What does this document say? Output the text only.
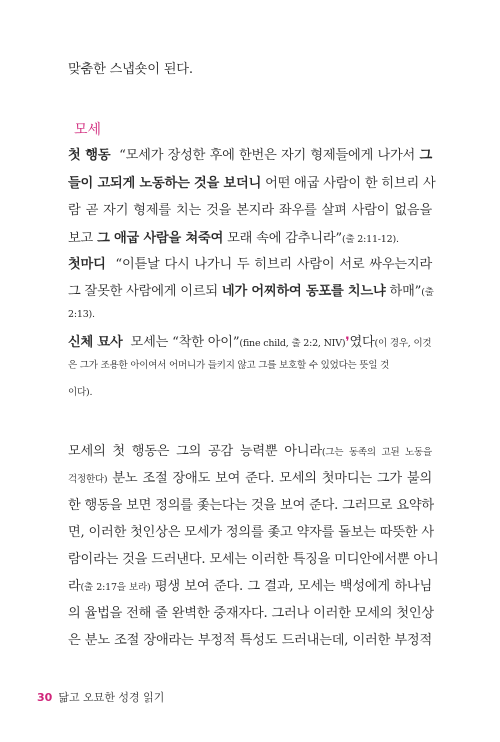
맞춤한 스냅숏이 된다.
모세
첫 행동 “모세가 장성한 후에 한번은 자기 형제들에게 나가서 그
들이 고되게 노동하는 것을 보더니 어떤 애굽 사람이 한 히브리 사
람 곧 자기 형제를 치는 것을 본지라 좌우를 살펴 사람이 없음을
보고 그 애굽 사람을 쳐죽여 모래 속에 감추니라”(출 2:11-12).
첫마디 “이튿날 다시 나가니 두 히브리 사람이 서로 싸우는지라
그 잘못한 사람에게 이르되 네가 어찌하여 동포를 치느냐 하매”(출
2:13).
신체 묘사 모세는 “착한 아이”(fine child, 출 2:2, NIV)❜였다(이 경우, 이것
은 그가 조용한 아이여서 어머니가 들키지 않고 그를 보호할 수 있었다는 뜻일 것
이다).
모세의 첫 행동은 그의 공감 능력뿐 아니라(그는 동족의 고된 노동을
걱정한다) 분노 조절 장애도 보여 준다. 모세의 첫마디는 그가 불의
한 행동을 보면 정의를 좇는다는 것을 보여 준다. 그러므로 요약하
면, 이러한 첫인상은 모세가 정의를 좇고 약자를 돌보는 따뜻한 사
람이라는 것을 드러낸다. 모세는 이러한 특징을 미디안에서뿐 아니
라(출 2:17을 보라) 평생 보여 준다. 그 결과, 모세는 백성에게 하나님
의 율법을 전해 줄 완벽한 중재자다. 그러나 이러한 모세의 첫인상
은 분노 조절 장애라는 부정적 특성도 드러내는데, 이러한 부정적
30 닮고 오묘한 성경 읽기
